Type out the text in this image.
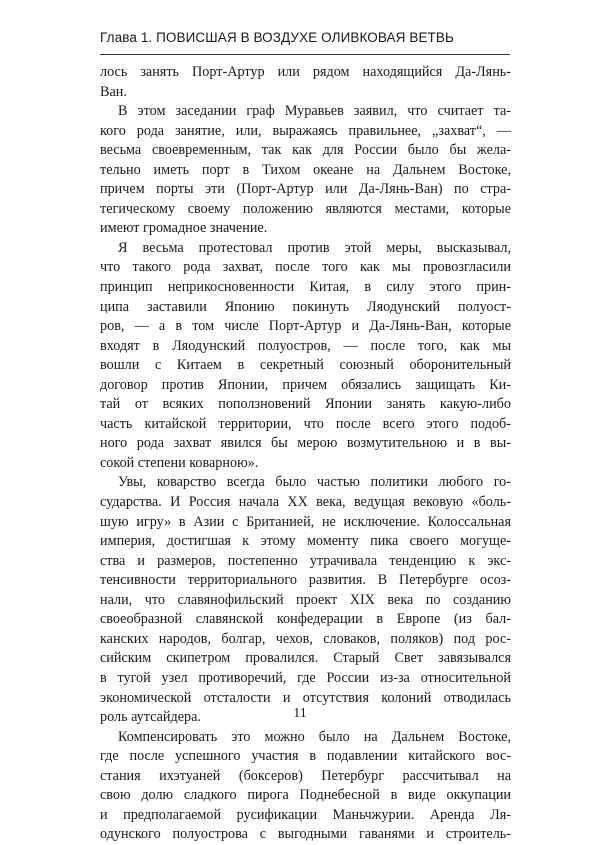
Глава 1. ПОВИСШАЯ В ВОЗДУХЕ ОЛИВКОВАЯ ВЕТВЬ
лось занять Порт-Артур или рядом находящийся Да-Лянь-
Ван.
В этом заседании граф Муравьев заявил, что считает та-
кого рода занятие, или, выражаясь правильнее, „захват“, —
весьма своевременным, так как для России было бы желa-
тельно иметь порт в Тихом океане на Дальнем Востоке,
причем порты эти (Порт-Артур или Да-Лянь-Ван) по стра-
тегическому своему положению являются местами, которые
имеют громадное значение.
Я весьма протестовал против этой меры, высказывал,
что такого рода захват, после того как мы провозгласили
принцип неприкосновенности Китая, в силу этого прин-
ципа заставили Японию покинуть Ляодунский полуост-
ров, — а в том числе Порт-Артур и Да-Лянь-Ван, которые
входят в Ляодунский полуостров, — после того, как мы
вошли с Китаем в секретный союзный оборонительный
договор против Японии, причем обязались защищать Ки-
тай от всяких поползновений Японии занять какую-либо
часть китайской территории, что после всего этого подоб-
ного рода захват явился бы мерою возмутительною и в вы-
сокой степени коварною».
Увы, коварство всегда было частью политики любого го-
сударства. И Россия начала XX века, ведущая вековую «боль-
шую игру» в Азии с Британией, не исключение. Колоссальная
империя, достигшая к этому моменту пика своего могуще-
ства и размеров, постепенно утрачивала тенденцию к экс-
тенсивности территориального развития. В Петербурге осоз-
нали, что славянофильский проект XIX века по созданию
своеобразной славянской конфедерации в Европе (из бал-
канских народов, болгар, чехов, словаков, поляков) под рос-
сийским скипетром провалился. Старый Свет завязывался
в тугой узел противоречий, где России из-за относительной
экономической отсталости и отсутствия колоний отводилась
роль аутсайдера.
Компенсировать это можно было на Дальнем Востоке,
где после успешного участия в подавлении китайского вос-
стания ихэтуаней (боксеров) Петербург рассчитывал на
свою долю сладкого пирога Поднебесной в виде оккупации
и предполагаемой русификации Маньчжурии. Аренда Ля-
одунского полуострова с выгодными гаванями и строитель-
11
